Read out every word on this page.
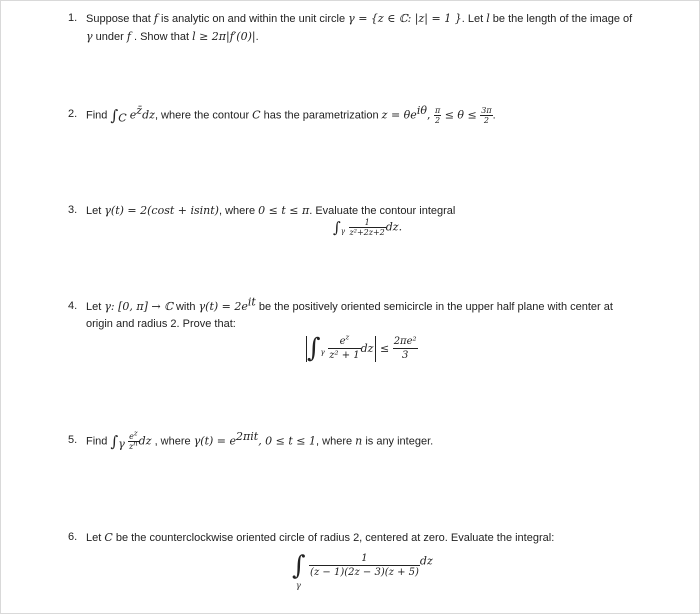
1. Suppose that f is analytic on and within the unit circle γ = {z ∈ ℂ: |z| = 1 }. Let l be the length of the image of
γ under f . Show that l ≥ 2π|f′(0)|.
2. Find $\int_C$ $e^{z̄}dz$, where the contour C has the parametrization $z = \theta e^{i\theta}$, $\frac{\pi}{2} \le \theta \le \frac{3\pi}{2}$ .
3. Let γ(t) = 2(cost + isint), where 0 ≤ t ≤ π. Evaluate the contour integral
$\int_\gamma \frac{1}{\text{z²+2z+2}}$ dz.
4. Let γ: [0, π] → ℂ with $\gamma(t) = 2e^{it}$ be the positively oriented semicircle in the upper half plane with center at
origin and radius 2. Prove that:
$\int_\gamma \frac{e^z}{\text{z² + 1}}$ dz ≤ $\frac{\text{2πe²}}{3}$
5. Find $\int_\gamma \frac{e^z}{z^n}$ dz , where $\gamma(t) = e^{2\pi it}$, 0 ≤ t ≤ 1, where n is any integer.
6. Let C be the counterclockwise oriented circle of radius 2, centered at zero. Evaluate the integral:
∫
γ

$\frac{1}{(z - 1)(2z - 3)(z + 5)}$ dz
